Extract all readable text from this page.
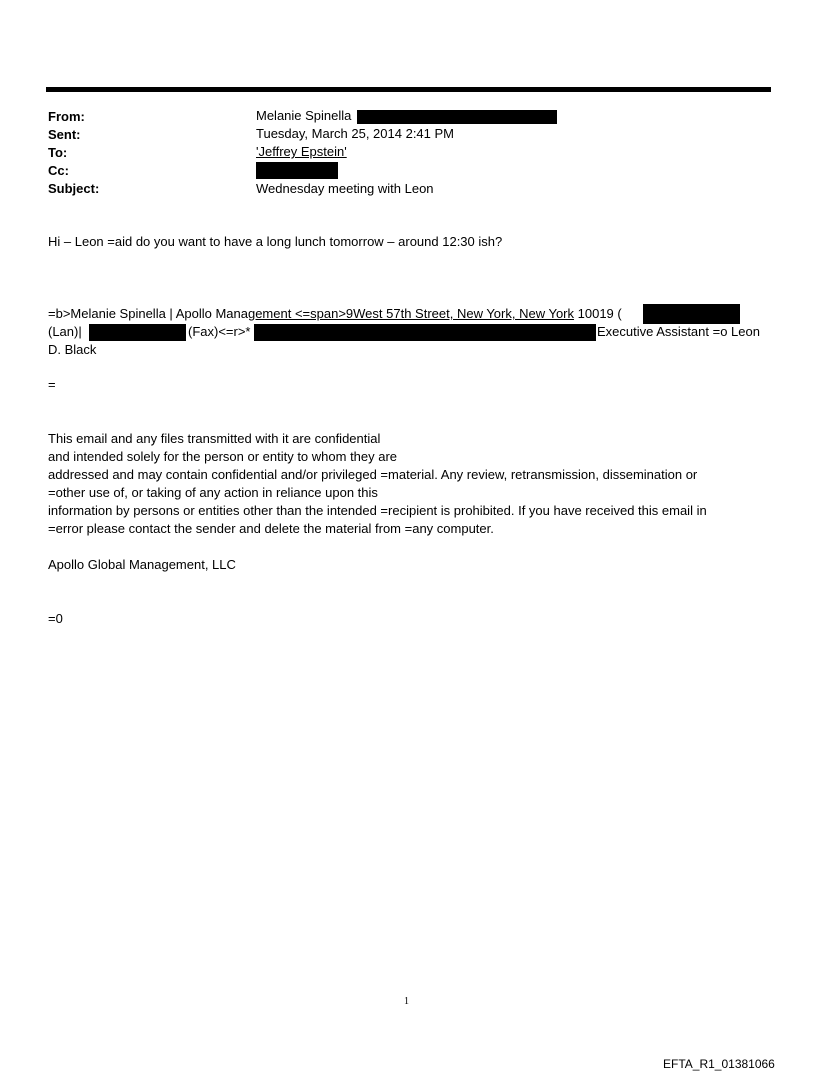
From:	Melanie Spinella
Sent:	Tuesday, March 25, 2014 2:41 PM
To:	'Jeffrey Epstein'
Cc:
Subject:	Wednesday meeting with Leon
Hi – Leon =aid do you want to have a long lunch tomorrow – around 12:30 ish?
=b>Melanie Spinella | Apollo Management <=span>9West 57th Street, New York, New York 10019 (
(Lan)|	(Fax)<=r>*	Executive Assistant =o Leon
D. Black
=
This email and any files transmitted with it are confidential
and intended solely for the person or entity to whom they are
addressed and may contain confidential and/or privileged =material. Any review, retransmission, dissemination or
=other use of, or taking of any action in reliance upon this
information by persons or entities other than the intended =recipient is prohibited. If you have received this email in
=error please contact the sender and delete the material from =any computer.
Apollo Global Management, LLC
=0
1
EFTA_R1_01381066
